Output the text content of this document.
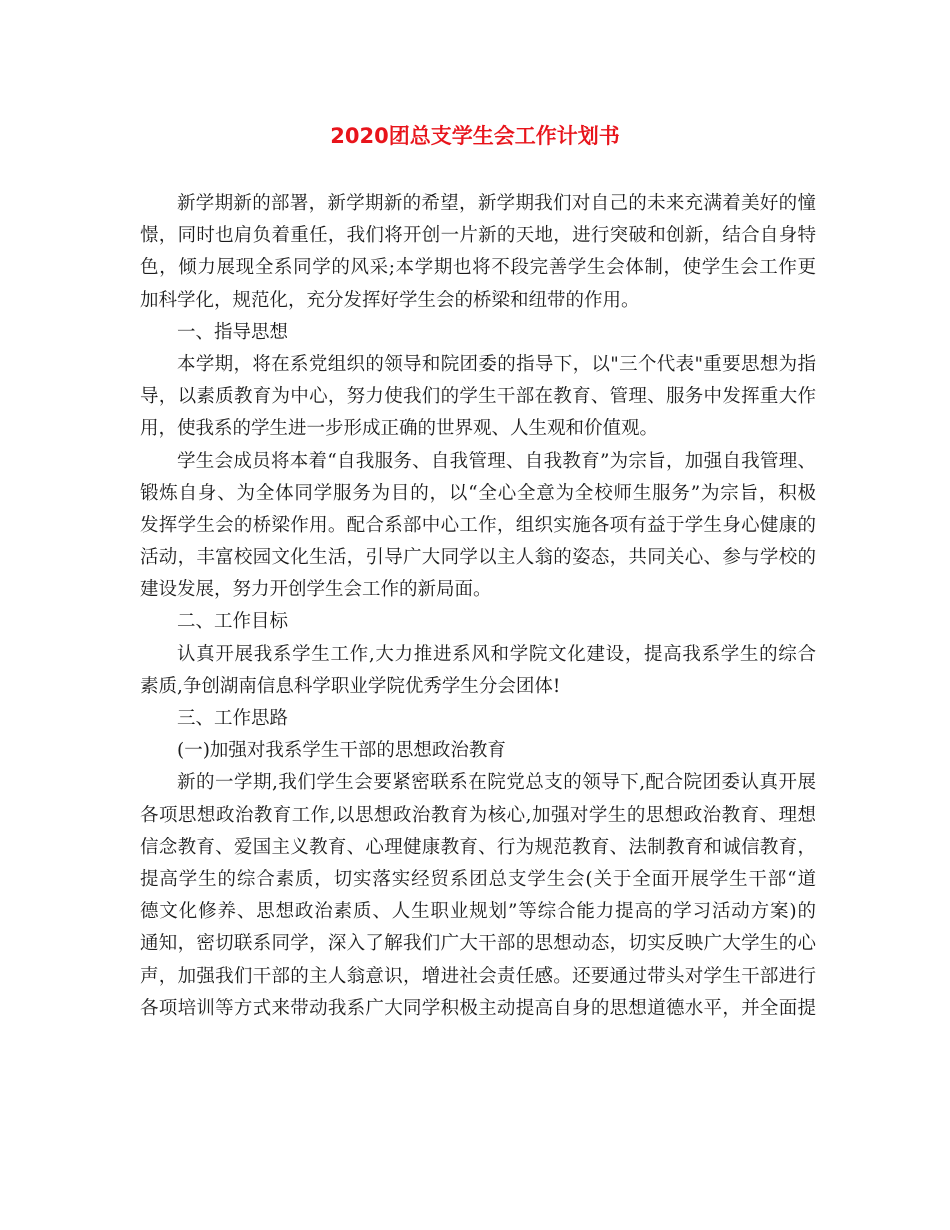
2020团总支学生会工作计划书
新学期新的部署，新学期新的希望，新学期我们对自己的未来充满着美好的憧
憬，同时也肩负着重任，我们将开创一片新的天地，进行突破和创新，结合自身特
色，倾力展现全系同学的风采;本学期也将不段完善学生会体制，使学生会工作更
加科学化，规范化，充分发挥好学生会的桥梁和纽带的作用。
一、指导思想
本学期，将在系党组织的领导和院团委的指导下，以"三个代表"重要思想为指
导，以素质教育为中心，努力使我们的学生干部在教育、管理、服务中发挥重大作
用，使我系的学生进一步形成正确的世界观、人生观和价值观。
学生会成员将本着“自我服务、自我管理、自我教育”为宗旨，加强自我管理、
锻炼自身、为全体同学服务为目的，以“全心全意为全校师生服务”为宗旨，积极
发挥学生会的桥梁作用。配合系部中心工作，组织实施各项有益于学生身心健康的
活动，丰富校园文化生活，引导广大同学以主人翁的姿态，共同关心、参与学校的
建设发展，努力开创学生会工作的新局面。
二、工作目标
认真开展我系学生工作,大力推进系风和学院文化建设，提高我系学生的综合
素质,争创湖南信息科学职业学院优秀学生分会团体!
三、工作思路
(一)加强对我系学生干部的思想政治教育
新的一学期,我们学生会要紧密联系在院党总支的领导下,配合院团委认真开展
各项思想政治教育工作,以思想政治教育为核心,加强对学生的思想政治教育、理想
信念教育、爱国主义教育、心理健康教育、行为规范教育、法制教育和诚信教育，
提高学生的综合素质，切实落实经贸系团总支学生会(关于全面开展学生干部“道
德文化修养、思想政治素质、人生职业规划”等综合能力提高的学习活动方案)的
通知，密切联系同学，深入了解我们广大干部的思想动态，切实反映广大学生的心
声，加强我们干部的主人翁意识，增进社会责任感。还要通过带头对学生干部进行
各项培训等方式来带动我系广大同学积极主动提高自身的思想道德水平，并全面提
